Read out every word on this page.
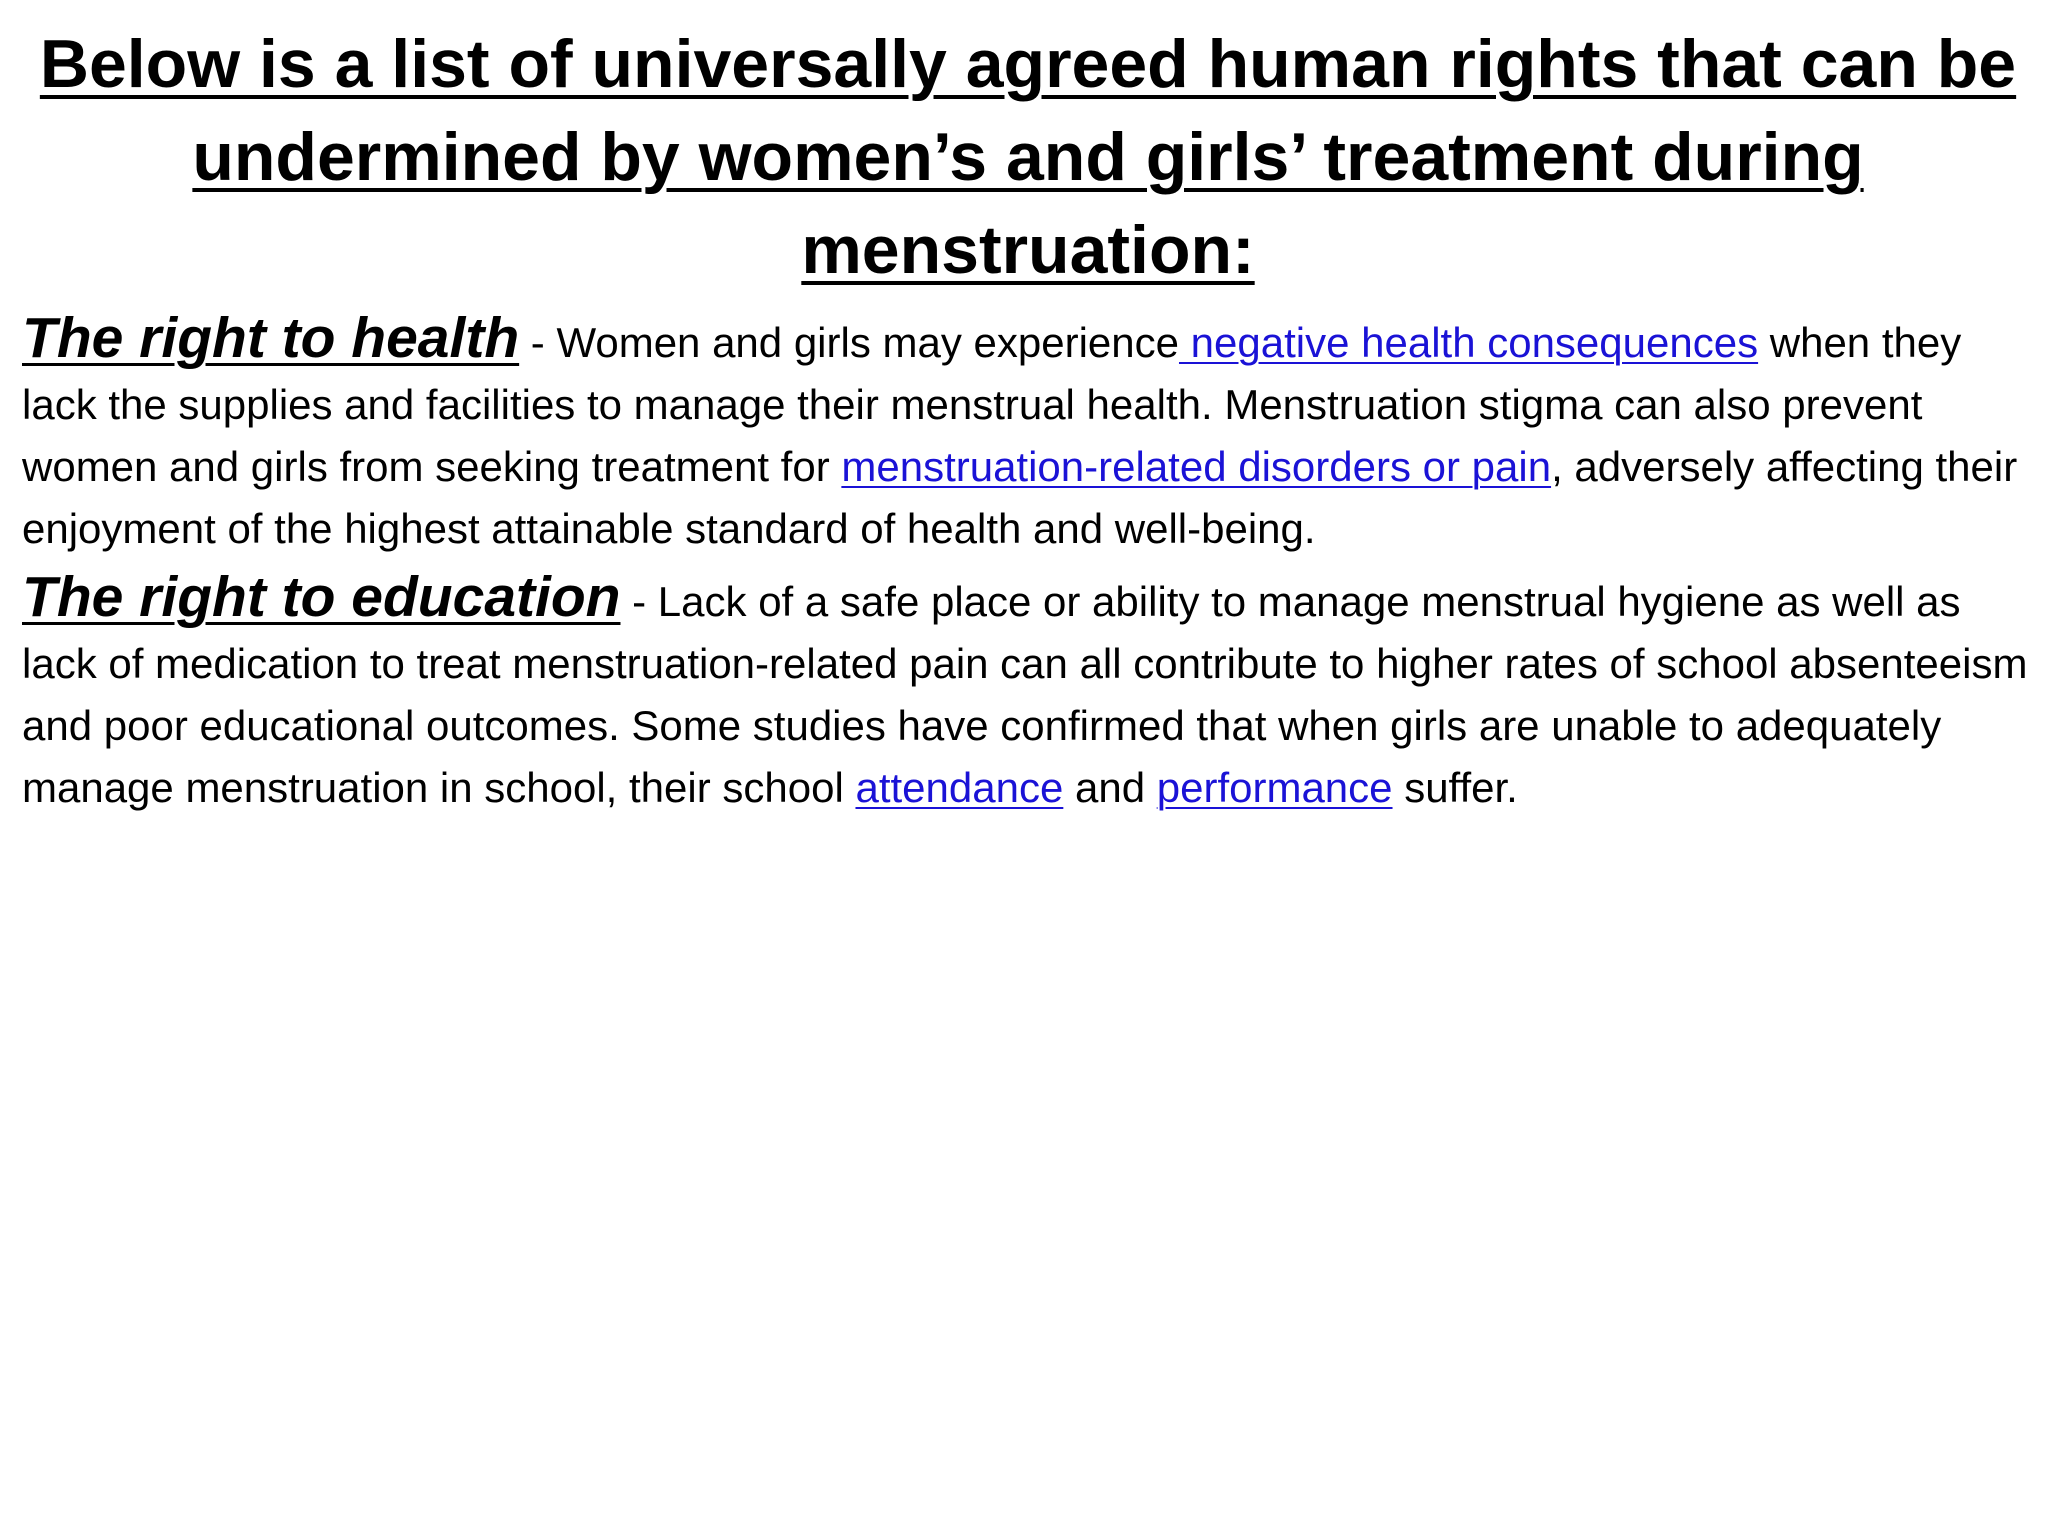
Below is a list of universally agreed human rights that can be undermined by women’s and girls’ treatment during menstruation:

The right to health - Women and girls may experience negative health consequences when they lack the supplies and facilities to manage their menstrual health. Menstruation stigma can also prevent women and girls from seeking treatment for menstruation-related disorders or pain, adversely affecting their enjoyment of the highest attainable standard of health and well-being.

The right to education - Lack of a safe place or ability to manage menstrual hygiene as well as lack of medication to treat menstruation-related pain can all contribute to higher rates of school absenteeism and poor educational outcomes. Some studies have confirmed that when girls are unable to adequately manage menstruation in school, their school attendance and performance suffer.
